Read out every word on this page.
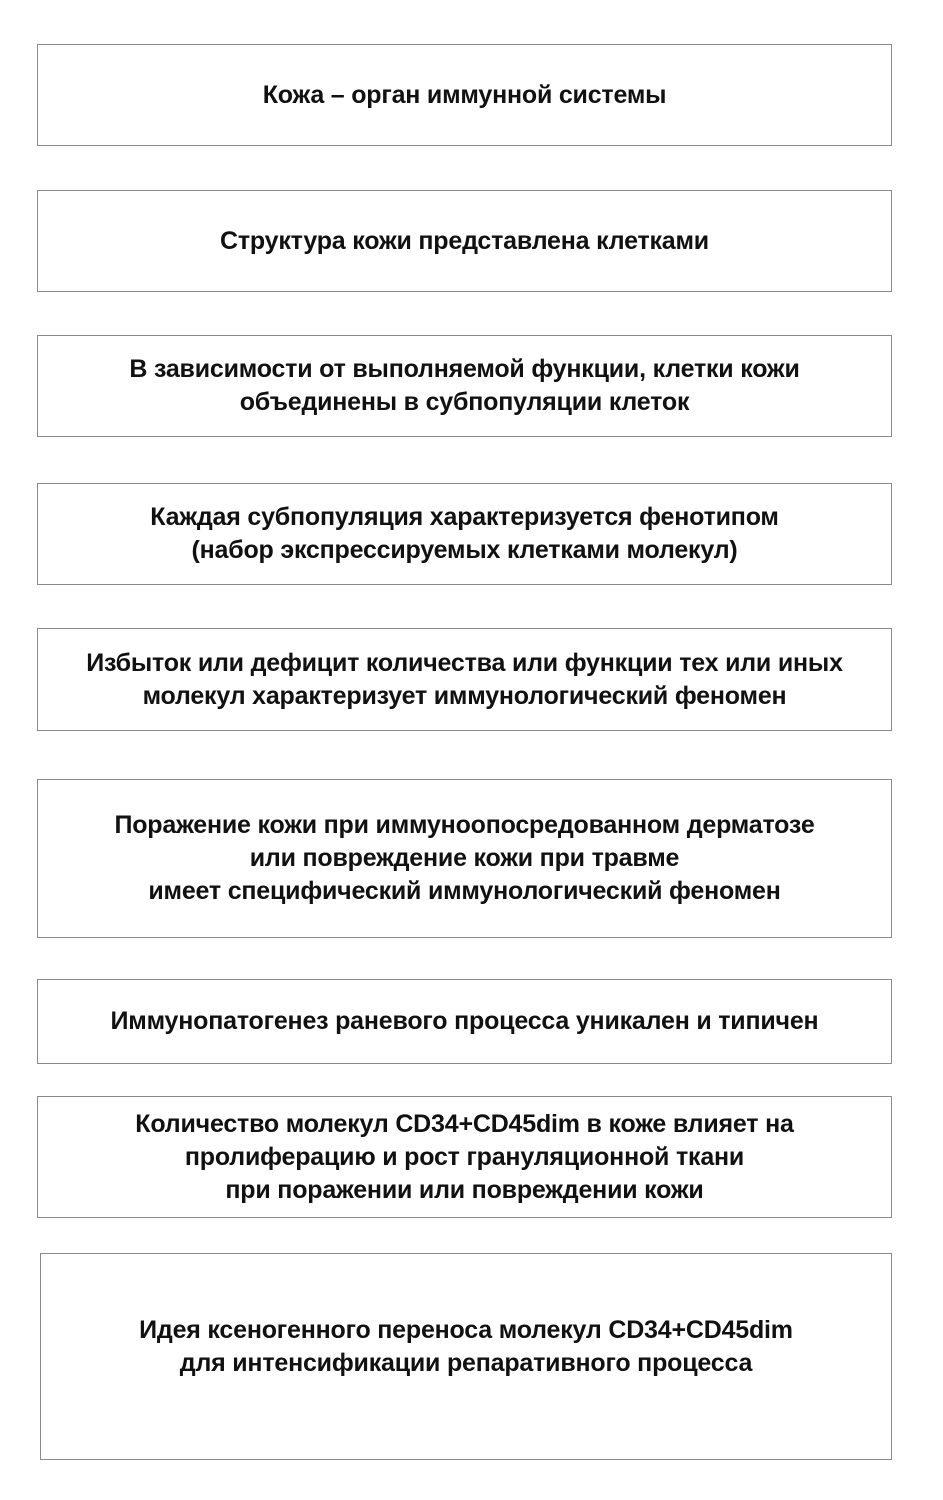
Кожа – орган иммунной системы
Структура кожи представлена клетками
В зависимости от выполняемой функции, клетки кожи
объединены в субпопуляции клеток
Каждая субпопуляция характеризуется фенотипом
(набор экспрессируемых клетками молекул)
Избыток или дефицит количества или функции тех или иных
молекул характеризует иммунологический феномен
Поражение кожи при иммуноопосредованном дерматозе
или повреждение кожи при травме
имеет специфический иммунологический феномен
Иммунопатогенез раневого процесса уникален и типичен
Количество молекул CD34+CD45dim в коже влияет на
пролиферацию и рост грануляционной ткани
при поражении или повреждении кожи
Идея ксеногенного переноса молекул CD34+CD45dim
для интенсификации репаративного процесса
